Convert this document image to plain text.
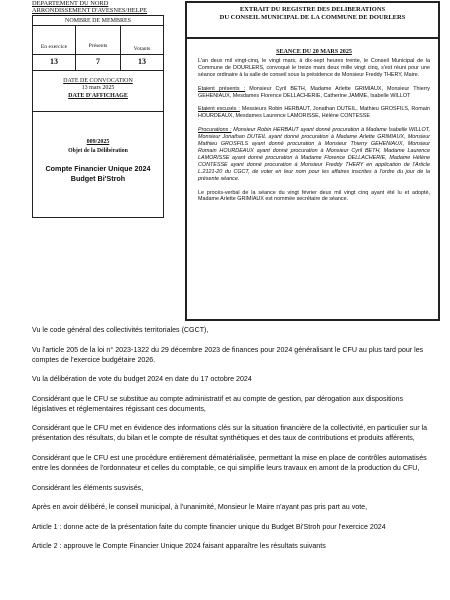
DEPARTEMENT DU NORD
ARRONDISSEMENT D'AVESNES/HELPE
NOMBRE DE MEMBRES
En exercice
13
Présents
7
Votants
13
DATE DE CONVOCATION
13 mars 2025
DATE D'AFFICHAGE
009/2025
Objet de la Délibération
Compte Financier Unique 2024
Budget Bi'Stroh
EXTRAIT DU REGISTRE DES DELIBERATIONS
DU CONSEIL MUNICIPAL DE LA COMMUNE DE DOURLERS
SEANCE DU 20 MARS 2025

L'an deux mil vingt-cinq, le vingt mars, à dix-sept heures trente, le Conseil Municipal de la Commune de DOURLERS, convoqué le treize mars deux mille vingt cinq, s'est réuni pour une séance ordinaire à la salle de conseil sous la présidence de Monsieur Freddy THERY, Maire.

Etaient présents : Monsieur Cyril BETH, Madame Arlette GRIMIAUX, Monsieur Thierry GEHENIAUX, Mesdames Florence DELLACHERIE, Catherine JAMME, Isabelle WILLOT

Etaient excusés : Messieurs Robin HERBAUT, Jonathan DUTEIL, Mathieu GROSFILS, Romain HOURDEAUX, Mesdames Laurence LAMORISSE, Hélène CONTESSE

Procurations : Monsieur Robin HERBAUT ayant donné procuration à Madame Isabelle WILLOT, Monsieur Jonathan DUTEIL ayant donné procuration à Madame Arlette GRIMIAUX, Monsieur Mathieu GROSFILS ayant donné procuration à Monsieur Thierry GEHENIAUX, Monsieur Romain HOURDEAUX ayant donné procuration à Monsieur Cyril BETH, Madame Laurence LAMORISSE ayant donné procuration à Madame Florence DELLACHERIE, Madame Hélène CONTESSE ayant donné procuration à Monsieur Freddy THERY en application de l'Article L.2121-20 du CGCT, de voter en leur nom pour les affaires inscrites à l'ordre du jour de la présente séance.

Le procès-verbal de la séance du vingt février deux mil vingt cinq ayant été lu et adopté, Madame Arlette GRIMIAUX est nommée secrétaire de séance.

Vu le code général des collectivités territoriales (CGCT),

Vu l'article 205 de la loi n° 2023-1322 du 29 décembre 2023 de finances pour 2024 généralisant le CFU au plus tard pour les comptes de l'exercice budgétaire 2026.

Vu la délibération de vote du budget 2024 en date du 17 octobre 2024

Considérant que le CFU se substitue au compte administratif et au compte de gestion, par dérogation aux dispositions législatives et réglementaires régissant ces documents,

Considérant que le CFU met en évidence des informations clés sur la situation financière de la collectivité, en particulier sur la présentation des résultats, du bilan et le compte de résultat synthétiques et des taux de contributions et produits afférents,

Considérant que le CFU est une procédure entièrement dématérialisée, permettant la mise en place de contrôles automatisés entre les données de l'ordonnateur et celles du comptable, ce qui simplifie leurs travaux en amont de la production du CFU,

Considérant les éléments susvisés,

Après en avoir délibéré, le conseil municipal, à l'unanimité, Monsieur le Maire n'ayant pas pris part au vote,

Article 1 : donne acte de la présentation faite du compte financier unique du Budget Bi'Stroh pour l'exercice 2024

Article 2 : approuve le Compte Financier Unique 2024 faisant apparaître les résultats suivants
